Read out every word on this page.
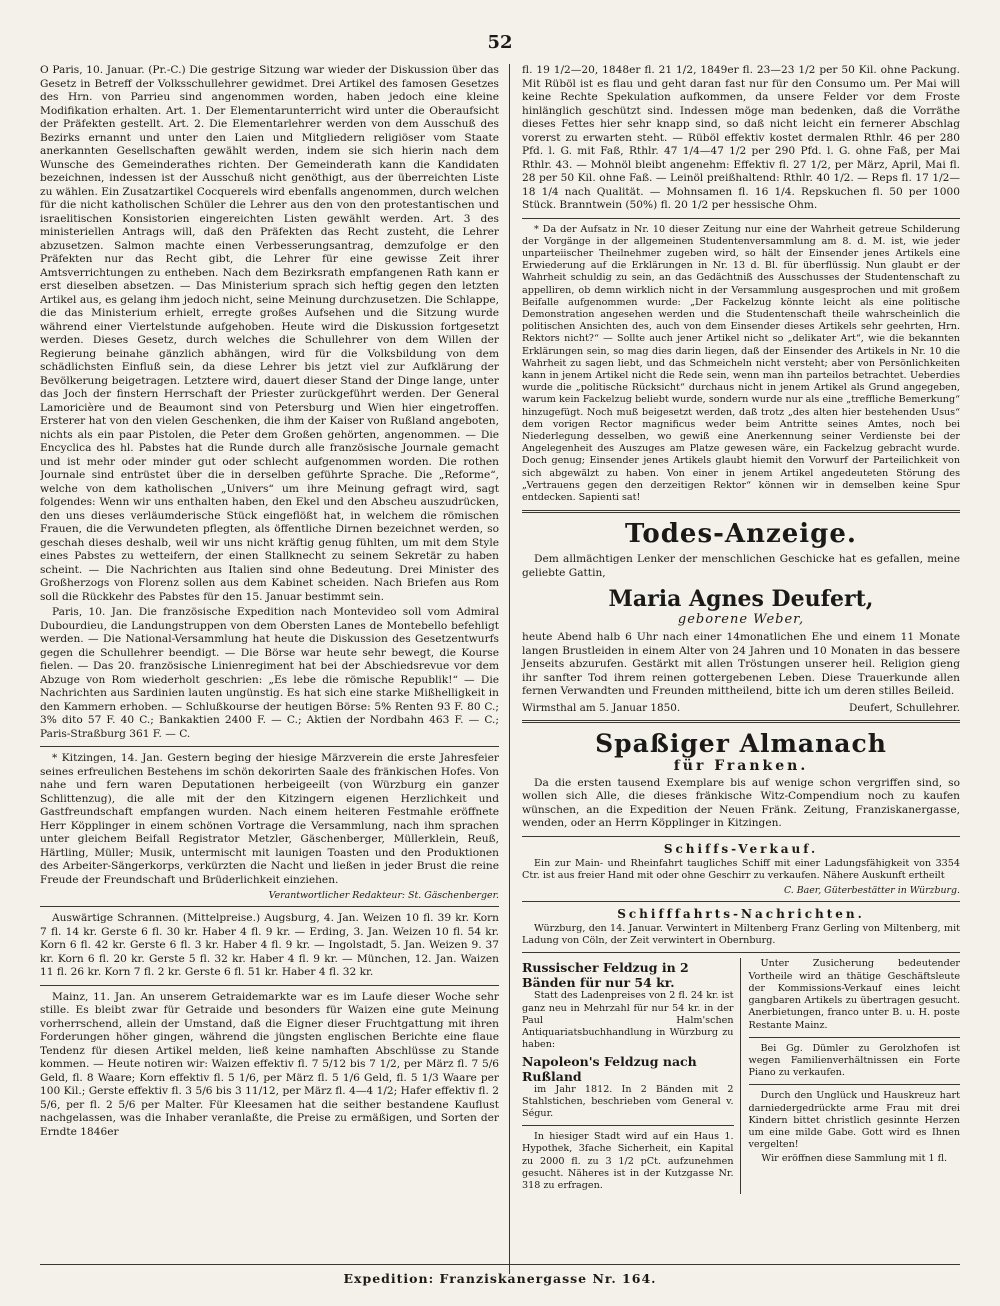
52

O Paris, 10. Januar. (Pr.-C.) Die gestrige Sitzung war wieder der Diskussion über das Gesetz in Betreff der Volksschullehrer gewidmet. Drei Artikel des famosen Gesetzes des Hrn. von Parrieu sind angenommen worden, haben jedoch eine kleine Modifikation erhalten. Art. 1. Der Elementarunterricht wird unter die Oberaufsicht der Präfekten gestellt. Art. 2. Die Elementarlehrer werden von dem Ausschuß des Bezirks ernannt und unter den Laien und Mitgliedern religiöser vom Staate anerkannten Gesellschaften gewählt werden, indem sie sich hierin nach dem Wunsche des Gemeinderathes richten. Der Gemeinderath kann die Kandidaten bezeichnen, indessen ist der Ausschuß nicht genöthigt, aus der überreichten Liste zu wählen. Ein Zusatzartikel Cocquerels wird ebenfalls angenommen, durch welchen für die nicht katholischen Schüler die Lehrer aus den von den protestantischen und israelitischen Konsistorien eingereichten Listen gewählt werden. Art. 3 des ministeriellen Antrags will, daß den Präfekten das Recht zusteht, die Lehrer abzusetzen. Salmon machte einen Verbesserungsantrag, demzufolge er den Präfekten nur das Recht gibt, die Lehrer für eine gewisse Zeit ihrer Amtsverrichtungen zu entheben. Nach dem Bezirksrath empfangenen Rath kann er erst dieselben absetzen. — Das Ministerium sprach sich heftig gegen den letzten Artikel aus, es gelang ihm jedoch nicht, seine Meinung durchzusetzen. Die Schlappe, die das Ministerium erhielt, erregte großes Aufsehen und die Sitzung wurde während einer Viertelstunde aufgehoben. Heute wird die Diskussion fortgesetzt werden. Dieses Gesetz, durch welches die Schullehrer von dem Willen der Regierung beinahe gänzlich abhängen, wird für die Volksbildung von dem schädlichsten Einfluß sein, da diese Lehrer bis jetzt viel zur Aufklärung der Bevölkerung beigetragen. Letztere wird, dauert dieser Stand der Dinge lange, unter das Joch der finstern Herrschaft der Priester zurückgeführt werden. Der General Lamoricière und de Beaumont sind von Petersburg und Wien hier eingetroffen. Ersterer hat von den vielen Geschenken, die ihm der Kaiser von Rußland angeboten, nichts als ein paar Pistolen, die Peter dem Großen gehörten, angenommen. — Die Encyclica des hl. Pabstes hat die Runde durch alle französische Journale gemacht und ist mehr oder minder gut oder schlecht aufgenommen worden. Die rothen Journale sind entrüstet über die in derselben geführte Sprache. Die „Reforme“, welche von dem katholischen „Univers“ um ihre Meinung gefragt wird, sagt folgendes: Wenn wir uns enthalten haben, den Ekel und den Abscheu auszudrücken, den uns dieses verläumderische Stück eingeflößt hat, in welchem die römischen Frauen, die die Verwundeten pflegten, als öffentliche Dirnen bezeichnet werden, so geschah dieses deshalb, weil wir uns nicht kräftig genug fühlten, um mit dem Style eines Pabstes zu wetteifern, der einen Stallknecht zu seinem Sekretär zu haben scheint. — Die Nachrichten aus Italien sind ohne Bedeutung. Drei Minister des Großherzogs von Florenz sollen aus dem Kabinet scheiden. Nach Briefen aus Rom soll die Rückkehr des Pabstes für den 15. Januar bestimmt sein.

Paris, 10. Jan. Die französische Expedition nach Montevideo soll vom Admiral Dubourdieu, die Landungstruppen von dem Obersten Lanes de Montebello befehligt werden. — Die National-Versammlung hat heute die Diskussion des Gesetzentwurfs gegen die Schullehrer beendigt. — Die Börse war heute sehr bewegt, die Kourse fielen. — Das 20. französische Linienregiment hat bei der Abschiedsrevue vor dem Abzuge von Rom wiederholt geschrien: „Es lebe die römische Republik!“ — Die Nachrichten aus Sardinien lauten ungünstig. Es hat sich eine starke Mißhelligkeit in den Kammern erhoben. — Schlußkourse der heutigen Börse: 5% Renten 93 F. 80 C.; 3% dito 57 F. 40 C.; Bankaktien 2400 F. — C.; Aktien der Nordbahn 463 F. — C.; Paris-Straßburg 361 F. — C.

* Kitzingen, 14. Jan. Gestern beging der hiesige Märzverein die erste Jahresfeier seines erfreulichen Bestehens im schön dekorirten Saale des fränkischen Hofes. Von nahe und fern waren Deputationen herbeigeeilt (von Würzburg ein ganzer Schlittenzug), die alle mit der den Kitzingern eigenen Herzlichkeit und Gastfreundschaft empfangen wurden. Nach einem heiteren Festmahle eröffnete Herr Köpplinger in einem schönen Vortrage die Versammlung, nach ihm sprachen unter gleichem Beifall Registrator Metzler, Gäschenberger, Müllerklein, Reuß, Härtling, Müller; Musik, untermischt mit launigen Toasten und den Produktionen des Arbeiter-Sängerkorps, verkürzten die Nacht und ließen in jeder Brust die reine Freude der Freundschaft und Brüderlichkeit einziehen.

Verantwortlicher Redakteur: St. Gäschenberger.

Auswärtige Schrannen. (Mittelpreise.) Augsburg, 4. Jan. Weizen 10 fl. 39 kr. Korn 7 fl. 14 kr. Gerste 6 fl. 30 kr. Haber 4 fl. 9 kr. — Erding, 3. Jan. Weizen 10 fl. 54 kr. Korn 6 fl. 42 kr. Gerste 6 fl. 3 kr. Haber 4 fl. 9 kr. — Ingolstadt, 5. Jan. Weizen 9. 37 kr. Korn 6 fl. 20 kr. Gerste 5 fl. 32 kr. Haber 4 fl. 9 kr. — München, 12. Jan. Waizen 11 fl. 26 kr. Korn 7 fl. 2 kr. Gerste 6 fl. 51 kr. Haber 4 fl. 32 kr.

Mainz, 11. Jan. An unserem Getraidemarkte war es im Laufe dieser Woche sehr stille. Es bleibt zwar für Getraide und besonders für Waizen eine gute Meinung vorherrschend, allein der Umstand, daß die Eigner dieser Fruchtgattung mit ihren Forderungen höher gingen, während die jüngsten englischen Berichte eine flaue Tendenz für diesen Artikel melden, ließ keine namhaften Abschlüsse zu Stande kommen. — Heute notiren wir: Waizen effektiv fl. 7 5/12 bis 7 1/2, per März fl. 7 5/6 Geld, fl. 8 Waare; Korn effektiv fl. 5 1/6, per März fl. 5 1/6 Geld, fl. 5 1/3 Waare per 100 Kil.; Gerste effektiv fl. 3 5/6 bis 3 11/12, per März fl. 4—4 1/2; Hafer effektiv fl. 2 5/6, per fl. 2 5/6 per Malter. Für Kleesamen hat die seither bestandene Kauflust nachgelassen, was die Inhaber veranlaßte, die Preise zu ermäßigen, und Sorten der Erndte 1846er

fl. 19 1/2—20, 1848er fl. 21 1/2, 1849er fl. 23—23 1/2 per 50 Kil. ohne Packung. Mit Rüböl ist es flau und geht daran fast nur für den Consumo um. Per Mai will keine Rechte Spekulation aufkommen, da unsere Felder vor dem Froste hinlänglich geschützt sind. Indessen möge man bedenken, daß die Vorräthe dieses Fettes hier sehr knapp sind, so daß nicht leicht ein fernerer Abschlag vorerst zu erwarten steht. — Rüböl effektiv kostet dermalen Rthlr. 46 per 280 Pfd. l. G. mit Faß, Rthlr. 47 1/4—47 1/2 per 290 Pfd. l. G. ohne Faß, per Mai Rthlr. 43. — Mohnöl bleibt angenehm: Effektiv fl. 27 1/2, per März, April, Mai fl. 28 per 50 Kil. ohne Faß. — Leinöl preißhaltend: Rthlr. 40 1/2. — Reps fl. 17 1/2—18 1/4 nach Qualität. — Mohnsamen fl. 16 1/4. Repskuchen fl. 50 per 1000 Stück. Branntwein (50%) fl. 20 1/2 per hessische Ohm.

* Da der Aufsatz in Nr. 10 dieser Zeitung nur eine der Wahrheit getreue Schilderung der Vorgänge in der allgemeinen Studentenversammlung am 8. d. M. ist, wie jeder unparteiischer Theilnehmer zugeben wird, so hält der Einsender jenes Artikels eine Erwiederung auf die Erklärungen in Nr. 13 d. Bl. für überflüssig. Nun glaubt er der Wahrheit schuldig zu sein, an das Gedächtniß des Ausschusses der Studentenschaft zu appelliren, ob demn wirklich nicht in der Versammlung ausgesprochen und mit großem Beifalle aufgenommen wurde: „Der Fackelzug könnte leicht als eine politische Demonstration angesehen werden und die Studentenschaft theile wahrscheinlich die politischen Ansichten des, auch von dem Einsender dieses Artikels sehr geehrten, Hrn. Rektors nicht?“ — Sollte auch jener Artikel nicht so „delikater Art“, wie die bekannten Erklärungen sein, so mag dies darin liegen, daß der Einsender des Artikels in Nr. 10 die Wahrheit zu sagen liebt, und das Schmeicheln nicht versteht; aber von Persönlichkeiten kann in jenem Artikel nicht die Rede sein, wenn man ihn parteilos betrachtet. Ueberdies wurde die „politische Rücksicht“ durchaus nicht in jenem Artikel als Grund angegeben, warum kein Fackelzug beliebt wurde, sondern wurde nur als eine „treffliche Bemerkung“ hinzugefügt. Noch muß beigesetzt werden, daß trotz „des alten hier bestehenden Usus“ dem vorigen Rector magnificus weder beim Antritte seines Amtes, noch bei Niederlegung desselben, wo gewiß eine Anerkennung seiner Verdienste bei der Angelegenheit des Auszuges am Platze gewesen wäre, ein Fackelzug gebracht wurde. Doch genug; Einsender jenes Artikels glaubt hiemit den Vorwurf der Parteilichkeit von sich abgewälzt zu haben. Von einer in jenem Artikel angedeuteten Störung des „Vertrauens gegen den derzeitigen Rektor“ können wir in demselben keine Spur entdecken. Sapienti sat!

Todes-Anzeige.

Dem allmächtigen Lenker der menschlichen Geschicke hat es gefallen, meine geliebte Gattin,

Maria Agnes Deufert,
geborene Weber,

heute Abend halb 6 Uhr nach einer 14monatlichen Ehe und einem 11 Monate langen Brustleiden in einem Alter von 24 Jahren und 10 Monaten in das bessere Jenseits abzurufen. Gestärkt mit allen Tröstungen unserer heil. Religion gieng ihr sanfter Tod ihrem reinen gottergebenen Leben. Diese Trauerkunde allen fernen Verwandten und Freunden mittheilend, bitte ich um deren stilles Beileid.

Wirmsthal am 5. Januar 1850.	Deufert, Schullehrer.
Spaßiger Almanach
für Franken.

Da die ersten tausend Exemplare bis auf wenige schon vergriffen sind, so wollen sich Alle, die dieses fränkische Witz-Compendium noch zu kaufen wünschen, an die Expedition der Neuen Fränk. Zeitung, Franziskanergasse, wenden, oder an Herrn Köpplinger in Kitzingen.

Schiffs-Verkauf.

Ein zur Main- und Rheinfahrt taugliches Schiff mit einer Ladungsfähigkeit von 3354 Ctr. ist aus freier Hand mit oder ohne Geschirr zu verkaufen. Nähere Auskunft ertheilt

C. Baer, Güterbestätter in Würzburg.
Schifffahrts-Nachrichten.

Würzburg, den 14. Januar. Verwintert in Miltenberg Franz Gerling von Miltenberg, mit Ladung von Cöln, der Zeit verwintert in Obernburg.

Russischer Feldzug in 2 Bänden für nur 54 kr.

Statt des Ladenpreises von 2 fl. 24 kr. ist ganz neu in Mehrzahl für nur 54 kr. in der Paul Halm'schen Antiquariatsbuchhandlung in Würzburg zu haben:

Napoleon's Feldzug nach Rußland

im Jahr 1812. In 2 Bänden mit 2 Stahlstichen, beschrieben vom General v. Ségur.

In hiesiger Stadt wird auf ein Haus 1. Hypothek, 3fache Sicherheit, ein Kapital zu 2000 fl. zu 3 1/2 pCt. aufzunehmen gesucht. Näheres ist in der Kutzgasse Nr. 318 zu erfragen.

Unter Zusicherung bedeutender Vortheile wird an thätige Geschäftsleute der Kommissions-Verkauf eines leicht gangbaren Artikels zu übertragen gesucht. Anerbietungen, franco unter B. u. H. poste Restante Mainz.

Bei Gg. Dümler zu Gerolzhofen ist wegen Familienverhältnissen ein Forte Piano zu verkaufen.

Durch den Unglück und Hauskreuz hart darniedergedrückte arme Frau mit drei Kindern bittet christlich gesinnte Herzen um eine milde Gabe. Gott wird es Ihnen vergelten!

Wir eröffnen diese Sammlung mit 1 fl.

Expedition: Franziskanergasse Nr. 164.
